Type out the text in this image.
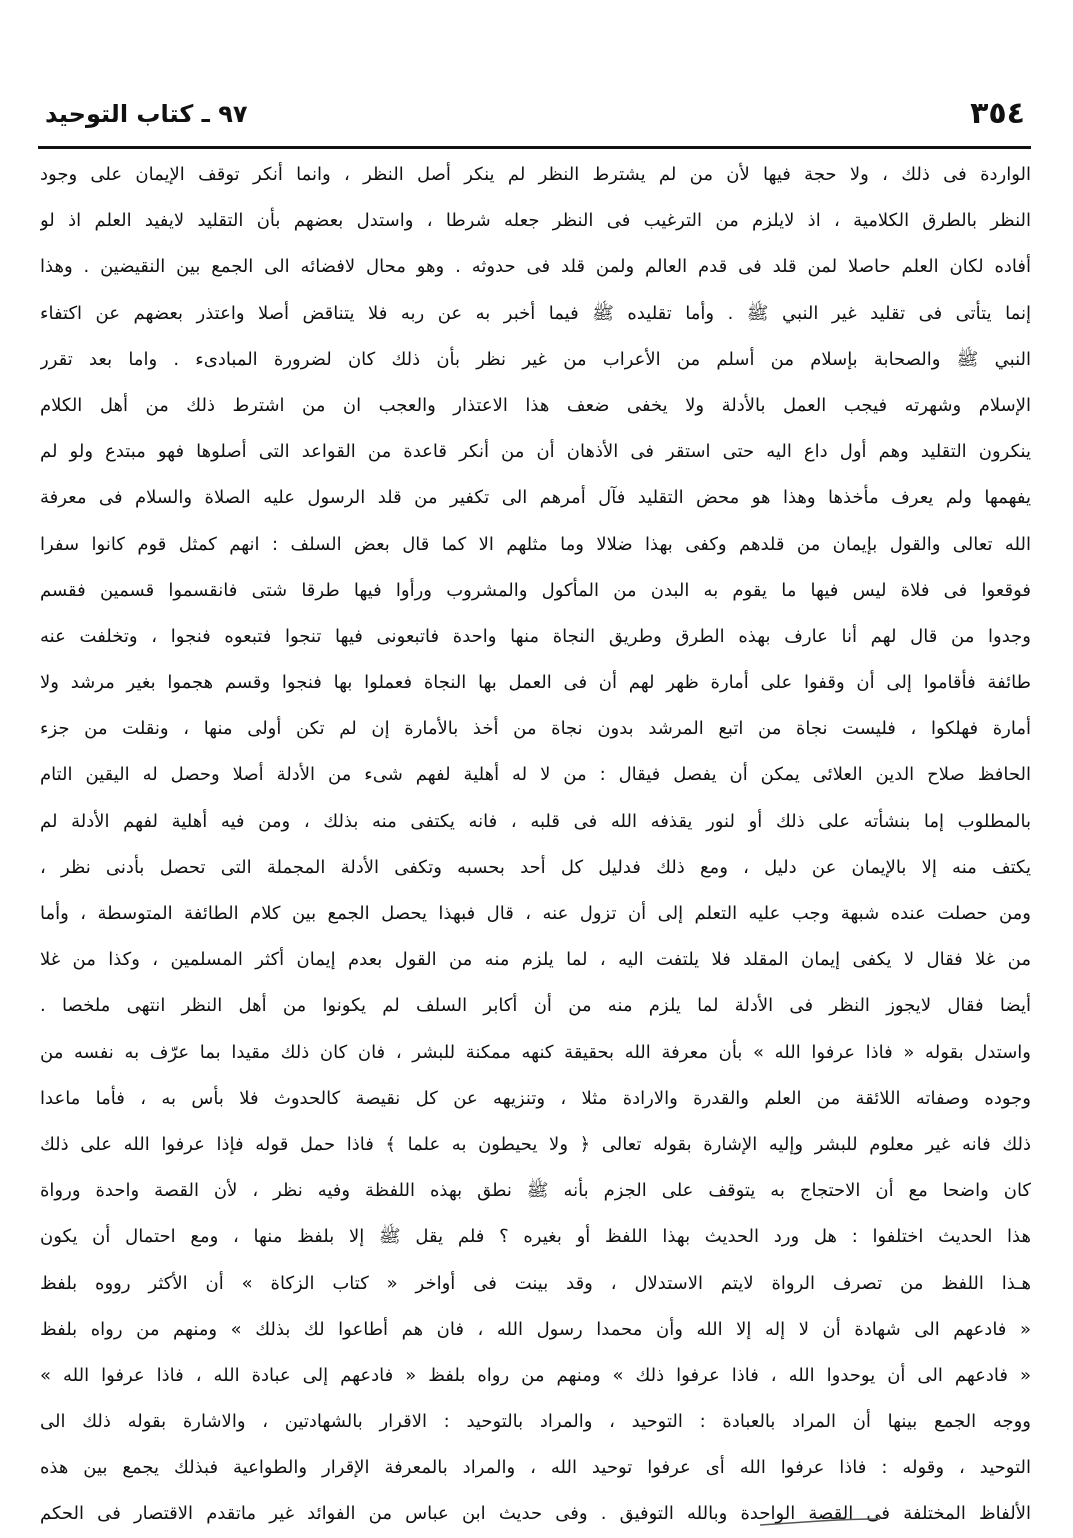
٣٥٤
٩٧ ـ كتاب التوحيد
الواردة فى ذلك ، ولا حجة فيها لأن من لم يشترط النظر لم ينكر أصل النظر ، وانما أنكر توقف الإيمان على وجود
النظر بالطرق الكلامية ، اذ لايلزم من الترغيب فى النظر جعله شرطا ، واستدل بعضهم بأن التقليد لايفيد العلم اذ لو
أفاده لكان العلم حاصلا لمن قلد فى قدم العالم ولمن قلد فى حدوثه . وهو محال لافضائه الى الجمع بين النقيضين . وهذا
إنما يتأتى فى تقليد غير النبي ﷺ . وأما تقليده ﷺ فيما أخبر به عن ربه فلا يتناقض أصلا واعتذر بعضهم عن اكتفاء
النبي ﷺ والصحابة بإسلام من أسلم من الأعراب من غير نظر بأن ذلك كان لضرورة المبادىء . واما بعد تقرر
الإسلام وشهرته فيجب العمل بالأدلة ولا يخفى ضعف هذا الاعتذار والعجب ان من اشترط ذلك من أهل الكلام
ينكرون التقليد وهم أول داع اليه حتى استقر فى الأذهان أن من أنكر قاعدة من القواعد التى أصلوها فهو مبتدع ولو لم
يفهمها ولم يعرف مأخذها وهذا هو محض التقليد فآل أمرهم الى تكفير من قلد الرسول عليه الصلاة والسلام فى معرفة
الله تعالى والقول بإيمان من قلدهم وكفى بهذا ضلالا وما مثلهم الا كما قال بعض السلف : انهم كمثل قوم كانوا سفرا
فوقعوا فى فلاة ليس فيها ما يقوم به البدن من المأكول والمشروب ورأوا فيها طرقا شتى فانقسموا قسمين فقسم
وجدوا من قال لهم أنا عارف بهذه الطرق وطريق النجاة منها واحدة فاتبعونى فيها تنجوا فتبعوه فنجوا ، وتخلفت عنه
طائفة فأقاموا إلى أن وقفوا على أمارة ظهر لهم أن فى العمل بها النجاة فعملوا بها فنجوا وقسم هجموا بغير مرشد ولا
أمارة فهلكوا ، فليست نجاة من اتبع المرشد بدون نجاة من أخذ بالأمارة إن لم تكن أولى منها ، ونقلت من جزء
الحافظ صلاح الدين العلائى يمكن أن يفصل فيقال : من لا له أهلية لفهم شىء من الأدلة أصلا وحصل له اليقين التام
بالمطلوب إما بنشأته على ذلك أو لنور يقذفه الله فى قلبه ، فانه يكتفى منه بذلك ، ومن فيه أهلية لفهم الأدلة لم
يكتف منه إلا بالإيمان عن دليل ، ومع ذلك فدليل كل أحد بحسبه وتكفى الأدلة المجملة التى تحصل بأدنى نظر ،
ومن حصلت عنده شبهة وجب عليه التعلم إلى أن تزول عنه ، قال فبهذا يحصل الجمع بين كلام الطائفة المتوسطة ، وأما
من غلا فقال لا يكفى إيمان المقلد فلا يلتفت اليه ، لما يلزم منه من القول بعدم إيمان أكثر المسلمين ، وكذا من غلا
أيضا فقال لايجوز النظر فى الأدلة لما يلزم منه من أن أكابر السلف لم يكونوا من أهل النظر انتهى ملخصا .
واستدل بقوله « فاذا عرفوا الله » بأن معرفة الله بحقيقة كنهه ممكنة للبشر ، فان كان ذلك مقيدا بما عرّف به نفسه من
وجوده وصفاته اللائقة من العلم والقدرة والارادة مثلا ، وتنزيهه عن كل نقيصة كالحدوث فلا بأس به ، فأما ماعدا
ذلك فانه غير معلوم للبشر وإليه الإشارة بقوله تعالى ﴿ ولا يحيطون به علما ﴾ فاذا حمل قوله فإذا عرفوا الله على ذلك
كان واضحا مع أن الاحتجاج به يتوقف على الجزم بأنه ﷺ نطق بهذه اللفظة وفيه نظر ، لأن القصة واحدة ورواة
هذا الحديث اختلفوا : هل ورد الحديث بهذا اللفظ أو بغيره ؟ فلم يقل ﷺ إلا بلفظ منها ، ومع احتمال أن يكون
هـذا اللفظ من تصرف الرواة لايتم الاستدلال ، وقد بينت فى أواخر « كتاب الزكاة » أن الأكثر رووه بلفظ
« فادعهم الى شهادة أن لا إله إلا الله وأن محمدا رسول الله ، فان هم أطاعوا لك بذلك » ومنهم من رواه بلفظ
« فادعهم الى أن يوحدوا الله ، فاذا عرفوا ذلك » ومنهم من رواه بلفظ « فادعهم إلى عبادة الله ، فاذا عرفوا الله »
ووجه الجمع بينها أن المراد بالعبادة : التوحيد ، والمراد بالتوحيد : الاقرار بالشهادتين ، والاشارة بقوله ذلك الى
التوحيد ، وقوله : فاذا عرفوا الله أى عرفوا توحيد الله ، والمراد بالمعرفة الإقرار والطواعية فبذلك يجمع بين هذه
الألفاظ المختلفة فى القصة الواحدة وبالله التوفيق . وفى حديث ابن عباس من الفوائد غير ماتقدم الاقتصار فى الحكم
